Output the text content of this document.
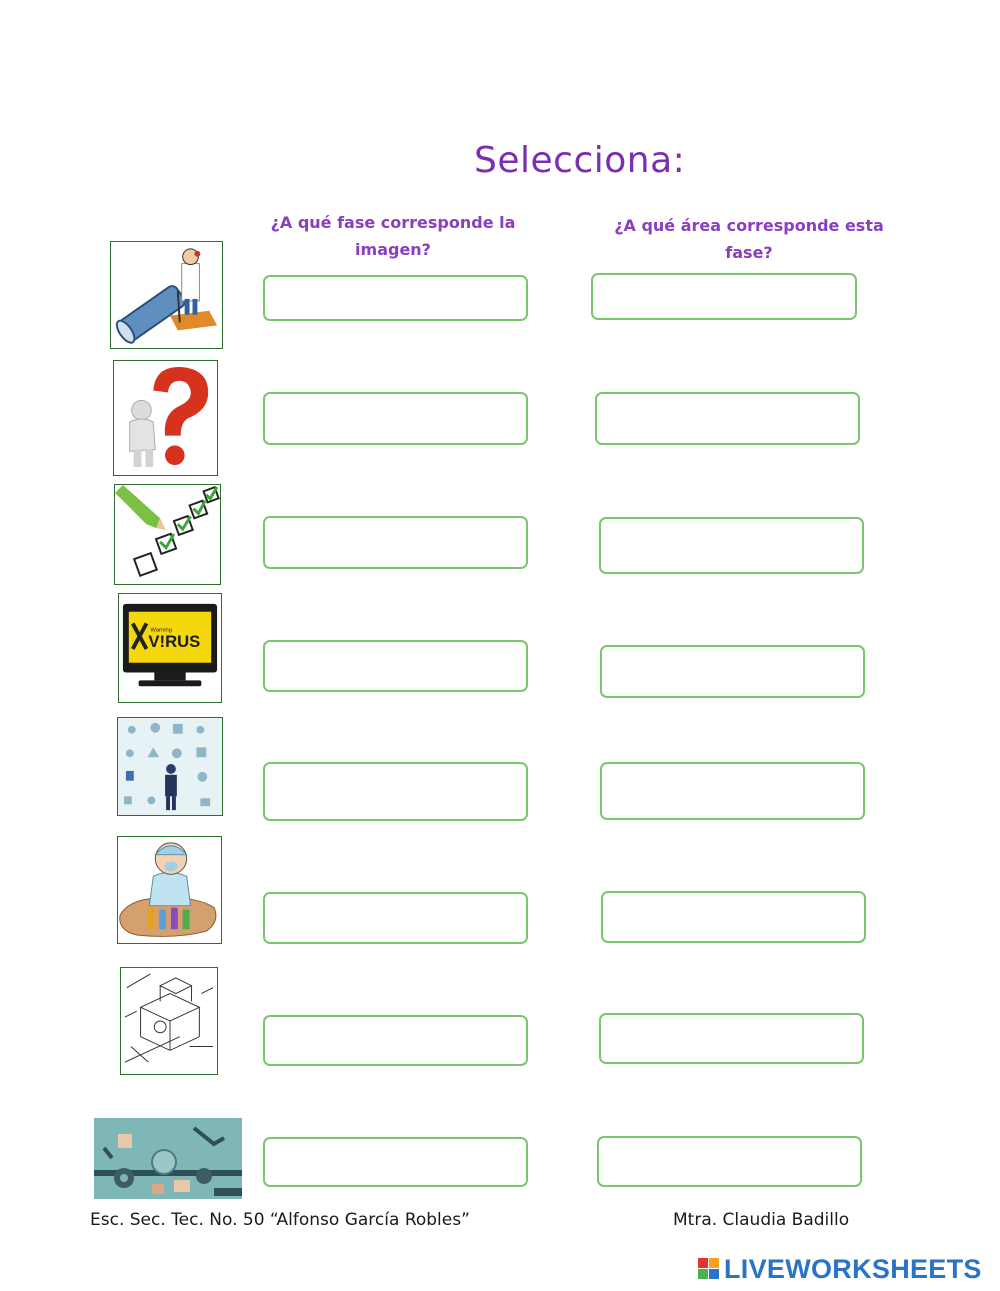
Selecciona:
¿A qué fase corresponde la imagen?
¿A qué área corresponde esta fase?
Warning
V!RUS
Esc. Sec. Tec. No. 50 “Alfonso García Robles”	Mtra. Claudia Badillo
LIVEWORKSHEETS
